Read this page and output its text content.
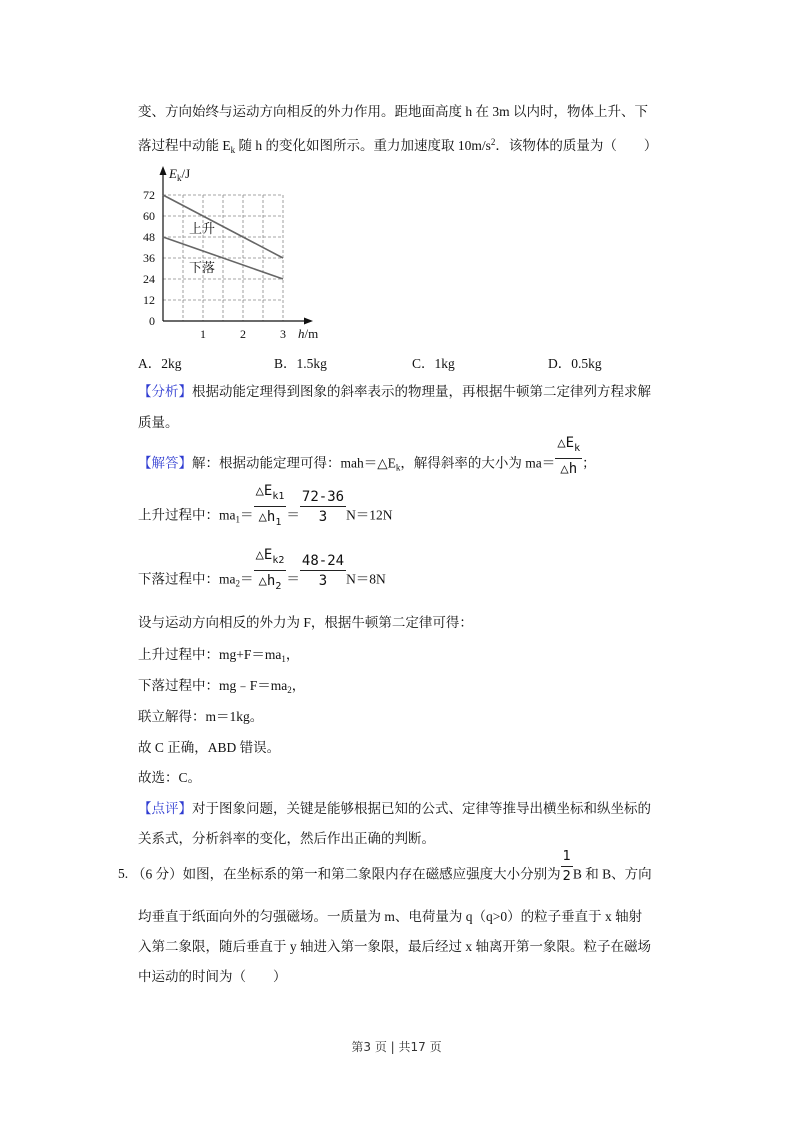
变、方向始终与运动方向相反的外力作用。距地面高度 h 在 3m 以内时，物体上升、下
落过程中动能 $E_k$ 随 h 的变化如图所示。重力加速度取 $10m/s^2$．该物体的质量为（　　）
72
60
48
36
24
12
0
1	2	3
$E_k/J$
h/m
上升
下落
A．2kg	B．1.5kg	C．1kg	D．0.5kg
【分析】根据动能定理得到图象的斜率表示的物理量，再根据牛顿第二定律列方程求解
质量。
【解答】解：根据动能定理可得：$mah=\triangle E_k$，解得斜率的大小为 $ma= \frac{\triangle E_k}{\triangle h}$ ；
上升过程中：$ma_1= \frac{\triangle E_{k1}}{\triangle h_1} = \frac{72-36}{3} N=12N$
下落过程中：$ma_2= \frac{\triangle E_{k2}}{\triangle h_2} = \frac{48-24}{3} N=8N$
设与运动方向相反的外力为 F，根据牛顿第二定律可得：
上升过程中：$mg+F=ma_1$，
下落过程中：$mg﹣F=ma_2$，
联立解得：m＝1kg。
故 C 正确，ABD 错误。
故选：C。
【点评】对于图象问题，关键是能够根据已知的公式、定律等推导出横坐标和纵坐标的
关系式，分析斜率的变化，然后作出正确的判断。
5. （6 分）如图，在坐标系的第一和第二象限内存在磁感应强度大小分别为 $\frac{1}{2}$ B 和 B、方向
均垂直于纸面向外的匀强磁场。一质量为 m、电荷量为 q（q>0）的粒子垂直于 x 轴射
入第二象限，随后垂直于 y 轴进入第一象限，最后经过 x 轴离开第一象限。粒子在磁场
中运动的时间为（　　）
第3 页 | 共17 页
